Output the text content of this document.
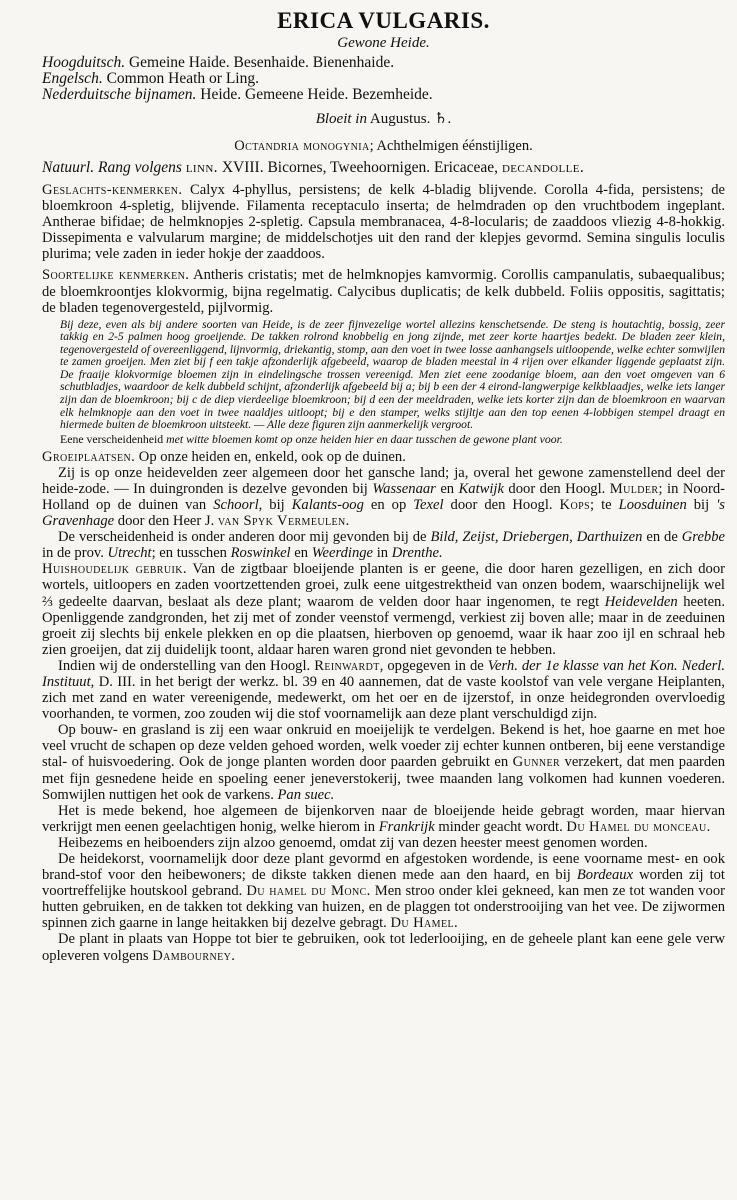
ERICA VULGARIS.
Gewone Heide.
Hoogduitsch. Gemeine Haide. Besenhaide. Bienenhaide.
Engelsch. Common Heath or Ling.
Nederduitsche bijnamen. Heide. Gemeene Heide. Bezemheide.
Bloeit in Augustus. ♄.
Octandria monogynia; Achthelmigen éénstijligen.
Natuurl. Rang volgens linn. XVIII. Bicornes, Tweehoornigen. Ericaceae, decandolle.

Geslachts-kenmerken. Calyx 4-phyllus, persistens; de kelk 4-bladig blijvende. Corolla 4-fida, persistens; de bloemkroon 4-spletig, blijvende. Filamenta receptaculo inserta; de helmdraden op den vruchtbodem ingeplant. Antherae bifidae; de helmknopjes 2-spletig. Capsula membranacea, 4-8-locularis; de zaaddoos vliezig 4-8-hokkig. Dissepimenta e valvularum margine; de middelschotjes uit den rand der klepjes gevormd. Semina singulis loculis plurima; vele zaden in ieder hokje der zaaddoos.

Soortelijke kenmerken. Antheris cristatis; met de helmknopjes kamvormig. Corollis campanulatis, subaequalibus; de bloemkroontjes klokvormig, bijna regelmatig. Calycibus duplicatis; de kelk dubbeld. Foliis oppositis, sagittatis; de bladen tegenovergesteld, pijlvormig.

Bij deze, even als bij andere soorten van Heide, is de zeer fijnvezelige wortel allezins kenschetsende. De steng is houtachtig, bossig, zeer takkig en 2-5 palmen hoog groeijende. De takken rolrond knobbelig en jong zijnde, met zeer korte haartjes bedekt. De bladen zeer klein, tegenovergesteld of overeenliggend, lijnvormig, driekantig, stomp, aan den voet in twee losse aanhangsels uitloopende, welke echter somwijlen te zamen groeijen. Men ziet bij f een takje afzonderlijk afgebeeld, waarop de bladen meestal in 4 rijen over elkander liggende geplaatst zijn. De fraaije klokvormige bloemen zijn in eindelingsche trossen vereenigd. Men ziet eene zoodanige bloem, aan den voet omgeven van 6 schutbladjes, waardoor de kelk dubbeld schijnt, afzonderlijk afgebeeld bij a; bij b een der 4 eirond-langwerpige kelkblaadjes, welke iets langer zijn dan de bloemkroon; bij c de diep vierdeelige bloemkroon; bij d een der meeldraden, welke iets korter zijn dan de bloemkroon en waarvan elk helmknopje aan den voet in twee naaldjes uitloopt; bij e den stamper, welks stijltje aan den top eenen 4-lobbigen stempel draagt en hiermede buiten de bloemkroon uitsteekt. — Alle deze figuren zijn aanmerkelijk vergroot.

Eene verscheidenheid met witte bloemen komt op onze heiden hier en daar tusschen de gewone plant voor.

Groeiplaatsen. Op onze heiden en, enkeld, ook op de duinen.

Zij is op onze heidevelden zeer algemeen door het gansche land; ja, overal het gewone zamenstellend deel der heide-zode. — In duingronden is dezelve gevonden bij Wassenaar en Katwijk door den Hoogl. Mulder; in Noord-Holland op de duinen van Schoorl, bij Kalants-oog en op Texel door den Hoogl. Kops; te Loosduinen bij 's Gravenhage door den Heer J. van Spyk Vermeulen.

De verscheidenheid is onder anderen door mij gevonden bij de Bild, Zeijst, Driebergen, Darthuizen en de Grebbe in de prov. Utrecht; en tusschen Roswinkel en Weerdinge in Drenthe.

Huishoudelijk gebruik. Van de zigtbaar bloeijende planten is er geene, die door haren gezelligen, en zich door wortels, uitloopers en zaden voortzettenden groei, zulk eene uitgestrektheid van onzen bodem, waarschijnelijk wel ⅔ gedeelte daarvan, beslaat als deze plant; waarom de velden door haar ingenomen, te regt Heidevelden heeten. Openliggende zandgronden, het zij met of zonder veenstof vermengd, verkiest zij boven alle; maar in de zeeduinen groeit zij slechts bij enkele plekken en op die plaatsen, hierboven op genoemd, waar ik haar zoo ijl en schraal heb zien groeijen, dat zij duidelijk toont, aldaar haren waren grond niet gevonden te hebben.

Indien wij de onderstelling van den Hoogl. Reinwardt, opgegeven in de Verh. der 1e klasse van het Kon. Nederl. Instituut, D. III. in het berigt der werkz. bl. 39 en 40 aannemen, dat de vaste koolstof van vele vergane Heiplanten, zich met zand en water vereenigende, medewerkt, om het oer en de ijzerstof, in onze heidegronden overvloedig voorhanden, te vormen, zoo zouden wij die stof voornamelijk aan deze plant verschuldigd zijn.

Op bouw- en grasland is zij een waar onkruid en moeijelijk te verdelgen. Bekend is het, hoe gaarne en met hoe veel vrucht de schapen op deze velden gehoed worden, welk voeder zij echter kunnen ontberen, bij eene verstandige stal- of huisvoedering. Ook de jonge planten worden door paarden gebruikt en Gunner verzekert, dat men paarden met fijn gesnedene heide en spoeling eener jeneverstokerij, twee maanden lang volkomen had kunnen voederen. Somwijlen nuttigen het ook de varkens. Pan suec.

Het is mede bekend, hoe algemeen de bijenkorven naar de bloeijende heide gebragt worden, maar hiervan verkrijgt men eenen geelachtigen honig, welke hierom in Frankrijk minder geacht wordt. Du Hamel du monceau.

Heibezems en heiboenders zijn alzoo genoemd, omdat zij van dezen heester meest genomen worden.

De heidekorst, voornamelijk door deze plant gevormd en afgestoken wordende, is eene voorname mest- en ook brand-stof voor den heibewoners; de dikste takken dienen mede aan den haard, en bij Bordeaux worden zij tot voortreffelijke houtskool gebrand. Du hamel du Monc. Men stroo onder klei gekneed, kan men ze tot wanden voor hutten gebruiken, en de takken tot dekking van huizen, en de plaggen tot onderstrooijing van het vee. De zijwormen spinnen zich gaarne in lange heitakken bij dezelve gebragt. Du Hamel.

De plant in plaats van Hoppe tot bier te gebruiken, ook tot lederlooijing, en de geheele plant kan eene gele verw opleveren volgens Dambourney.
